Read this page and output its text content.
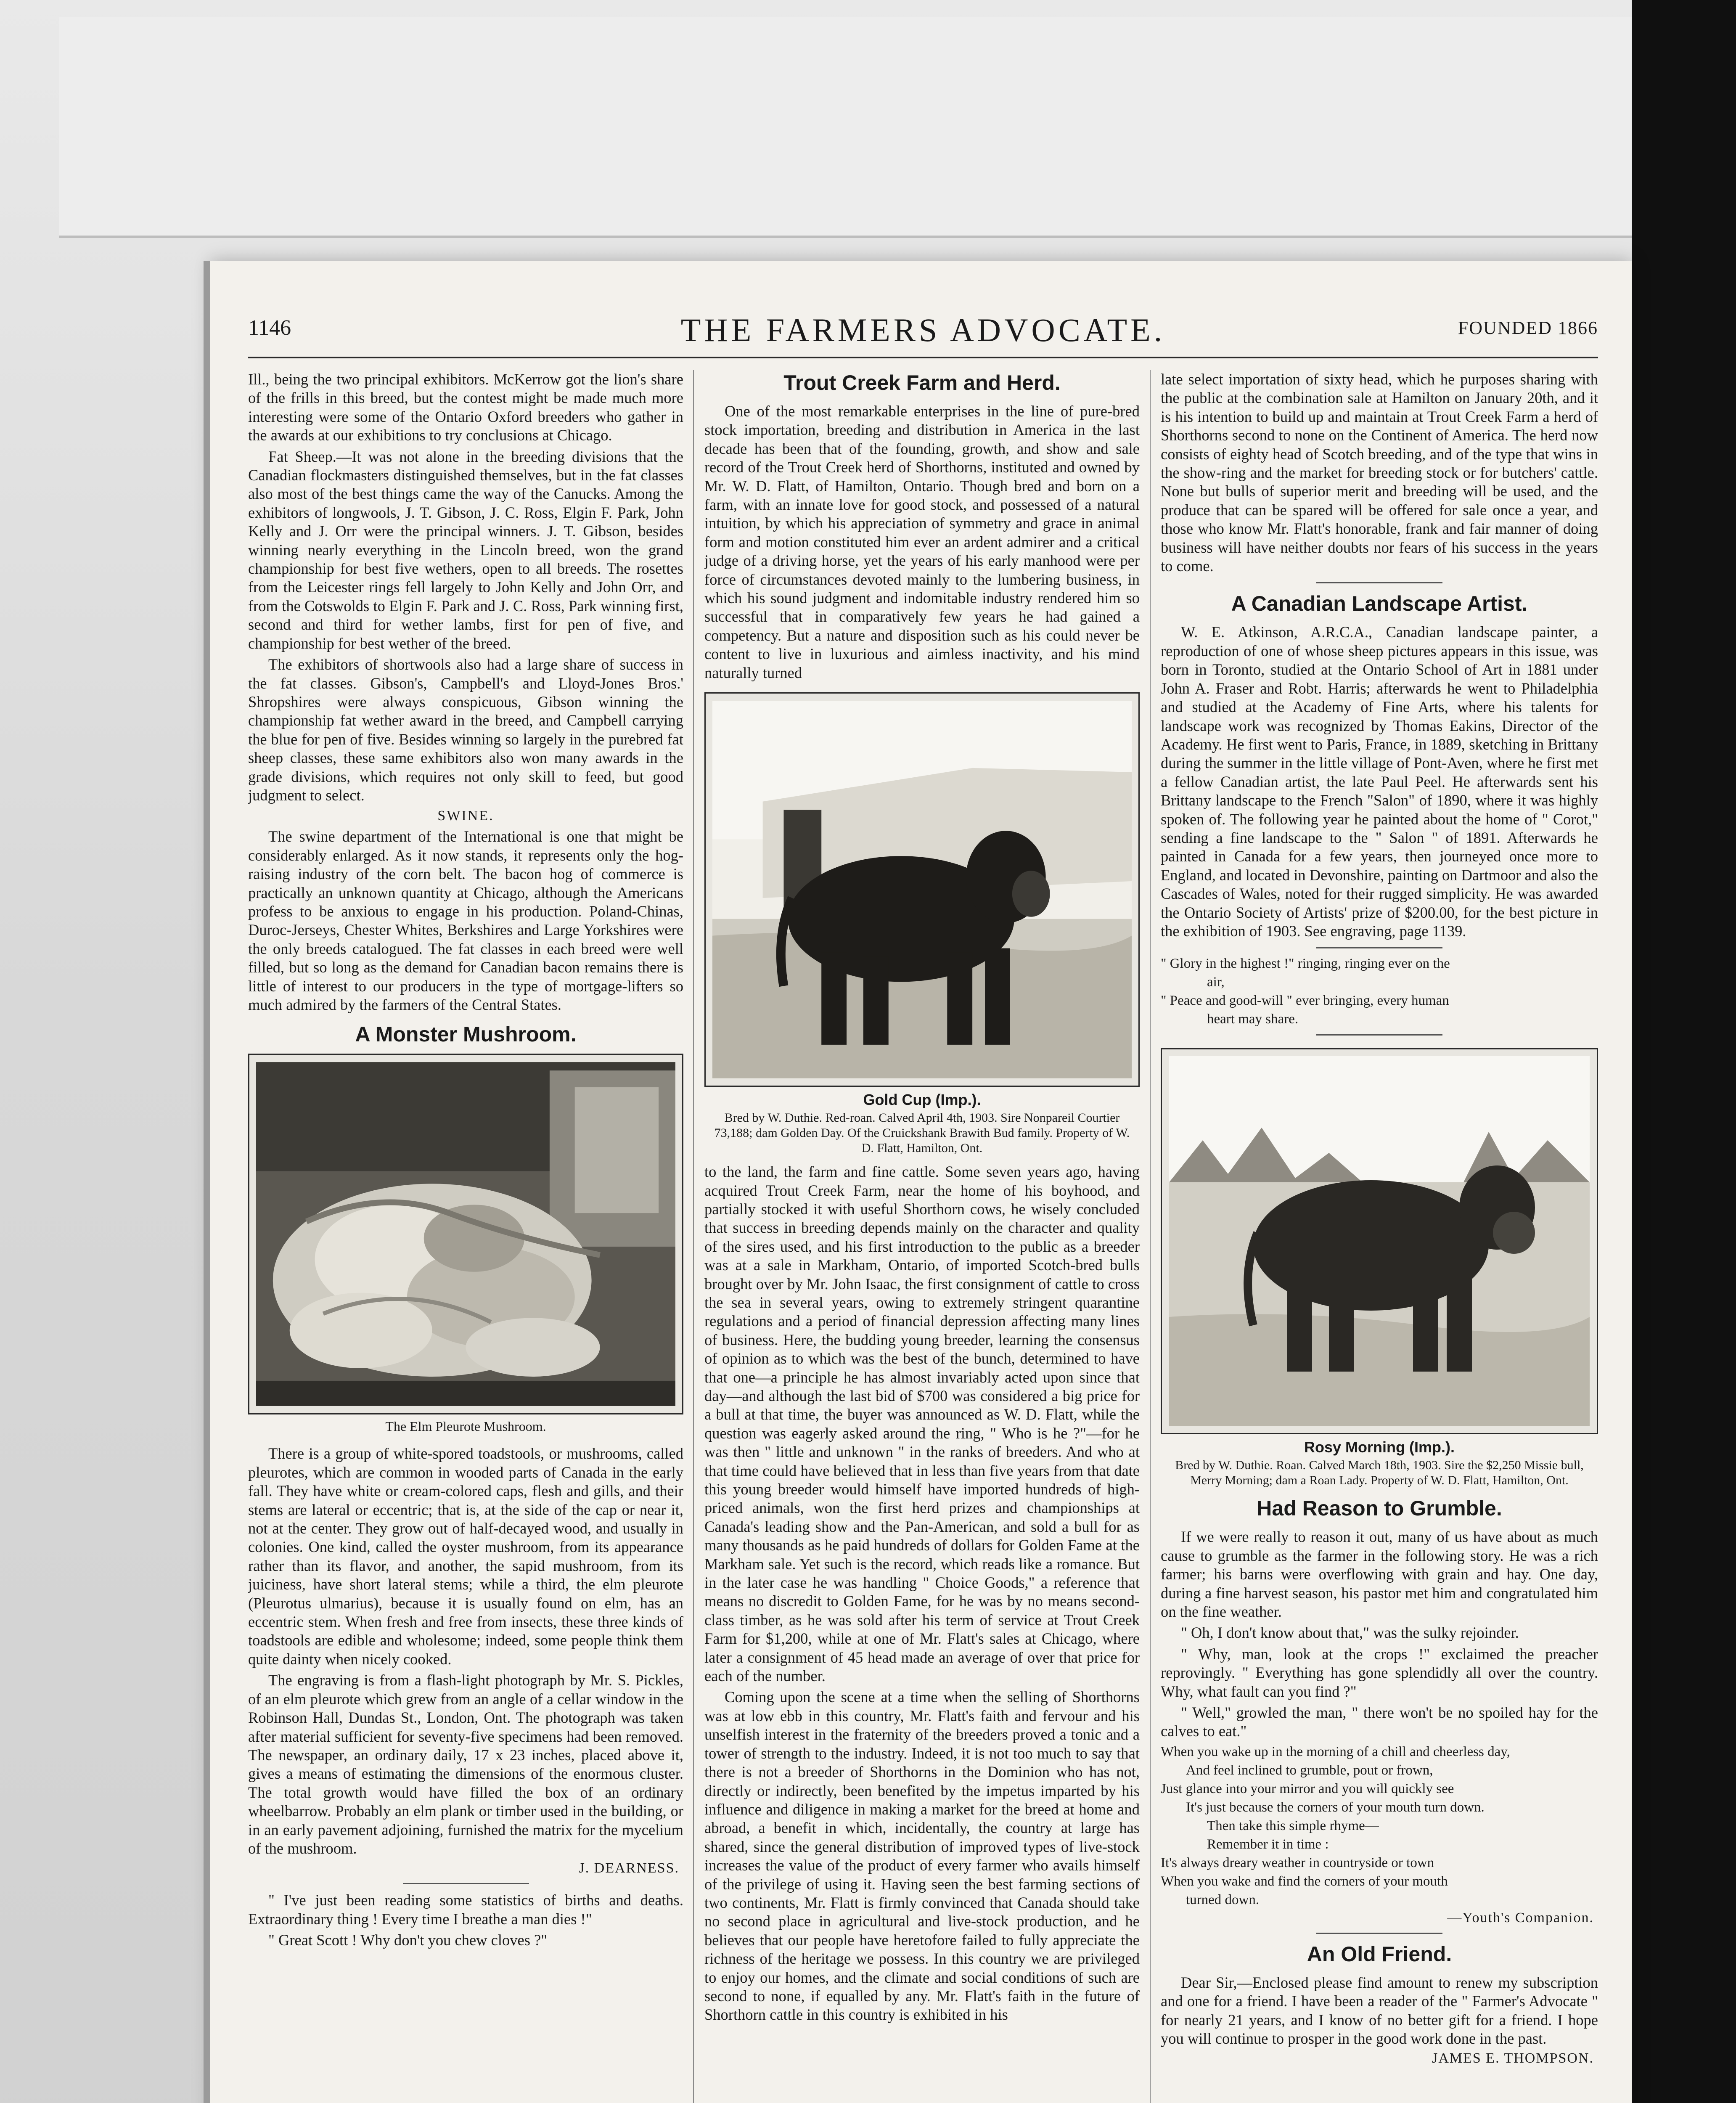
1146	THE FARMERS ADVOCATE.	FOUNDED 1866

Ill., being the two principal exhibitors. McKerrow got the lion's share of the frills in this breed, but the contest might be made much more interesting were some of the Ontario Oxford breeders who gather in the awards at our exhibitions to try conclusions at Chicago.

Fat Sheep.—It was not alone in the breeding divisions that the Canadian flockmasters distinguished themselves, but in the fat classes also most of the best things came the way of the Canucks. Among the exhibitors of longwools, J. T. Gibson, J. C. Ross, Elgin F. Park, John Kelly and J. Orr were the principal winners. J. T. Gibson, besides winning nearly everything in the Lincoln breed, won the grand championship for best five wethers, open to all breeds. The rosettes from the Leicester rings fell largely to John Kelly and John Orr, and from the Cotswolds to Elgin F. Park and J. C. Ross, Park winning first, second and third for wether lambs, first for pen of five, and championship for best wether of the breed.

The exhibitors of shortwools also had a large share of success in the fat classes. Gibson's, Campbell's and Lloyd-Jones Bros.' Shropshires were always conspicuous, Gibson winning the championship fat wether award in the breed, and Campbell carrying the blue for pen of five. Besides winning so largely in the purebred fat sheep classes, these same exhibitors also won many awards in the grade divisions, which requires not only skill to feed, but good judgment to select.

SWINE.

The swine department of the International is one that might be considerably enlarged. As it now stands, it represents only the hog-raising industry of the corn belt. The bacon hog of commerce is practically an unknown quantity at Chicago, although the Americans profess to be anxious to engage in his production. Poland-Chinas, Duroc-Jerseys, Chester Whites, Berkshires and Large Yorkshires were the only breeds catalogued. The fat classes in each breed were well filled, but so long as the demand for Canadian bacon remains there is little of interest to our producers in the type of mortgage-lifters so much admired by the farmers of the Central States.

A Monster Mushroom.
The Elm Pleurote Mushroom.

There is a group of white-spored toadstools, or mushrooms, called pleurotes, which are common in wooded parts of Canada in the early fall. They have white or cream-colored caps, flesh and gills, and their stems are lateral or eccentric; that is, at the side of the cap or near it, not at the center. They grow out of half-decayed wood, and usually in colonies. One kind, called the oyster mushroom, from its appearance rather than its flavor, and another, the sapid mushroom, from its juiciness, have short lateral stems; while a third, the elm pleurote (Pleurotus ulmarius), because it is usually found on elm, has an eccentric stem. When fresh and free from insects, these three kinds of toadstools are edible and wholesome; indeed, some people think them quite dainty when nicely cooked.

The engraving is from a flash-light photograph by Mr. S. Pickles, of an elm pleurote which grew from an angle of a cellar window in the Robinson Hall, Dundas St., London, Ont. The photograph was taken after material sufficient for seventy-five specimens had been removed. The newspaper, an ordinary daily, 17 x 23 inches, placed above it, gives a means of estimating the dimensions of the enormous cluster. The total growth would have filled the box of an ordinary wheelbarrow. Probably an elm plank or timber used in the building, or in an early pavement adjoining, furnished the matrix for the mycelium of the mushroom.

J. DEARNESS.

" I've just been reading some statistics of births and deaths. Extraordinary thing ! Every time I breathe a man dies !"

" Great Scott ! Why don't you chew cloves ?"

Trout Creek Farm and Herd.

One of the most remarkable enterprises in the line of pure-bred stock importation, breeding and distribution in America in the last decade has been that of the founding, growth, and show and sale record of the Trout Creek herd of Shorthorns, instituted and owned by Mr. W. D. Flatt, of Hamilton, Ontario. Though bred and born on a farm, with an innate love for good stock, and possessed of a natural intuition, by which his appreciation of symmetry and grace in animal form and motion constituted him ever an ardent admirer and a critical judge of a driving horse, yet the years of his early manhood were per force of circumstances devoted mainly to the lumbering business, in which his sound judgment and indomitable industry rendered him so successful that in comparatively few years he had gained a competency. But a nature and disposition such as his could never be content to live in luxurious and aimless inactivity, and his mind naturally turned

Gold Cup (Imp.).
Bred by W. Duthie. Red-roan. Calved April 4th, 1903. Sire Nonpareil Courtier 73,188; dam Golden Day. Of the Cruickshank Brawith Bud family. Property of W. D. Flatt, Hamilton, Ont.

to the land, the farm and fine cattle. Some seven years ago, having acquired Trout Creek Farm, near the home of his boyhood, and partially stocked it with useful Shorthorn cows, he wisely concluded that success in breeding depends mainly on the character and quality of the sires used, and his first introduction to the public as a breeder was at a sale in Markham, Ontario, of imported Scotch-bred bulls brought over by Mr. John Isaac, the first consignment of cattle to cross the sea in several years, owing to extremely stringent quarantine regulations and a period of financial depression affecting many lines of business. Here, the budding young breeder, learning the consensus of opinion as to which was the best of the bunch, determined to have that one—a principle he has almost invariably acted upon since that day—and although the last bid of $700 was considered a big price for a bull at that time, the buyer was announced as W. D. Flatt, while the question was eagerly asked around the ring, " Who is he ?"—for he was then " little and unknown " in the ranks of breeders. And who at that time could have believed that in less than five years from that date this young breeder would himself have imported hundreds of high-priced animals, won the first herd prizes and championships at Canada's leading show and the Pan-American, and sold a bull for as many thousands as he paid hundreds of dollars for Golden Fame at the Markham sale. Yet such is the record, which reads like a romance. But in the later case he was handling " Choice Goods," a reference that means no discredit to Golden Fame, for he was by no means second-class timber, as he was sold after his term of service at Trout Creek Farm for $1,200, while at one of Mr. Flatt's sales at Chicago, where later a consignment of 45 head made an average of over that price for each of the number.

Coming upon the scene at a time when the selling of Shorthorns was at low ebb in this country, Mr. Flatt's faith and fervour and his unselfish interest in the fraternity of the breeders proved a tonic and a tower of strength to the industry. Indeed, it is not too much to say that there is not a breeder of Shorthorns in the Dominion who has not, directly or indirectly, been benefited by the impetus imparted by his influence and diligence in making a market for the breed at home and abroad, a benefit in which, incidentally, the country at large has shared, since the general distribution of improved types of live-stock increases the value of the product of every farmer who avails himself of the privilege of using it. Having seen the best farming sections of two continents, Mr. Flatt is firmly convinced that Canada should take no second place in agricultural and live-stock production, and he believes that our people have heretofore failed to fully appreciate the richness of the heritage we possess. In this country we are privileged to enjoy our homes, and the climate and social conditions of such are second to none, if equalled by any. Mr. Flatt's faith in the future of Shorthorn cattle in this country is exhibited in his

late select importation of sixty head, which he purposes sharing with the public at the combination sale at Hamilton on January 20th, and it is his intention to build up and maintain at Trout Creek Farm a herd of Shorthorns second to none on the Continent of America. The herd now consists of eighty head of Scotch breeding, and of the type that wins in the show-ring and the market for breeding stock or for butchers' cattle. None but bulls of superior merit and breeding will be used, and the produce that can be spared will be offered for sale once a year, and those who know Mr. Flatt's honorable, frank and fair manner of doing business will have neither doubts nor fears of his success in the years to come.

A Canadian Landscape Artist.

W. E. Atkinson, A.R.C.A., Canadian landscape painter, a reproduction of one of whose sheep pictures appears in this issue, was born in Toronto, studied at the Ontario School of Art in 1881 under John A. Fraser and Robt. Harris; afterwards he went to Philadelphia and studied at the Academy of Fine Arts, where his talents for landscape work was recognized by Thomas Eakins, Director of the Academy. He first went to Paris, France, in 1889, sketching in Brittany during the summer in the little village of Pont-Aven, where he first met a fellow Canadian artist, the late Paul Peel. He afterwards sent his Brittany landscape to the French "Salon" of 1890, where it was highly spoken of. The following year he painted about the home of " Corot," sending a fine landscape to the " Salon " of 1891. Afterwards he painted in Canada for a few years, then journeyed once more to England, and located in Devonshire, painting on Dartmoor and also the Cascades of Wales, noted for their rugged simplicity. He was awarded the Ontario Society of Artists' prize of $200.00, for the best picture in the exhibition of 1903. See engraving, page 1139.

" Glory in the highest !" ringing, ringing ever on the

air,

" Peace and good-will " ever bringing, every human

heart may share.

Rosy Morning (Imp.).
Bred by W. Duthie. Roan. Calved March 18th, 1903. Sire the $2,250 Missie bull, Merry Morning; dam a Roan Lady. Property of W. D. Flatt, Hamilton, Ont.
Had Reason to Grumble.

If we were really to reason it out, many of us have about as much cause to grumble as the farmer in the following story. He was a rich farmer; his barns were overflowing with grain and hay. One day, during a fine harvest season, his pastor met him and congratulated him on the fine weather.

" Oh, I don't know about that," was the sulky rejoinder.

" Why, man, look at the crops !" exclaimed the preacher reprovingly. " Everything has gone splendidly all over the country. Why, what fault can you find ?"

" Well," growled the man, " there won't be no spoiled hay for the calves to eat."

When you wake up in the morning of a chill and cheerless day,

And feel inclined to grumble, pout or frown,

Just glance into your mirror and you will quickly see

It's just because the corners of your mouth turn down.

Then take this simple rhyme—

Remember it in time :

It's always dreary weather in countryside or town

When you wake and find the corners of your mouth

turned down.

—Youth's Companion.
An Old Friend.

Dear Sir,—Enclosed please find amount to renew my subscription and one for a friend. I have been a reader of the " Farmer's Advocate " for nearly 21 years, and I know of no better gift for a friend. I hope you will continue to prosper in the good work done in the past.

JAMES E. THOMPSON.
